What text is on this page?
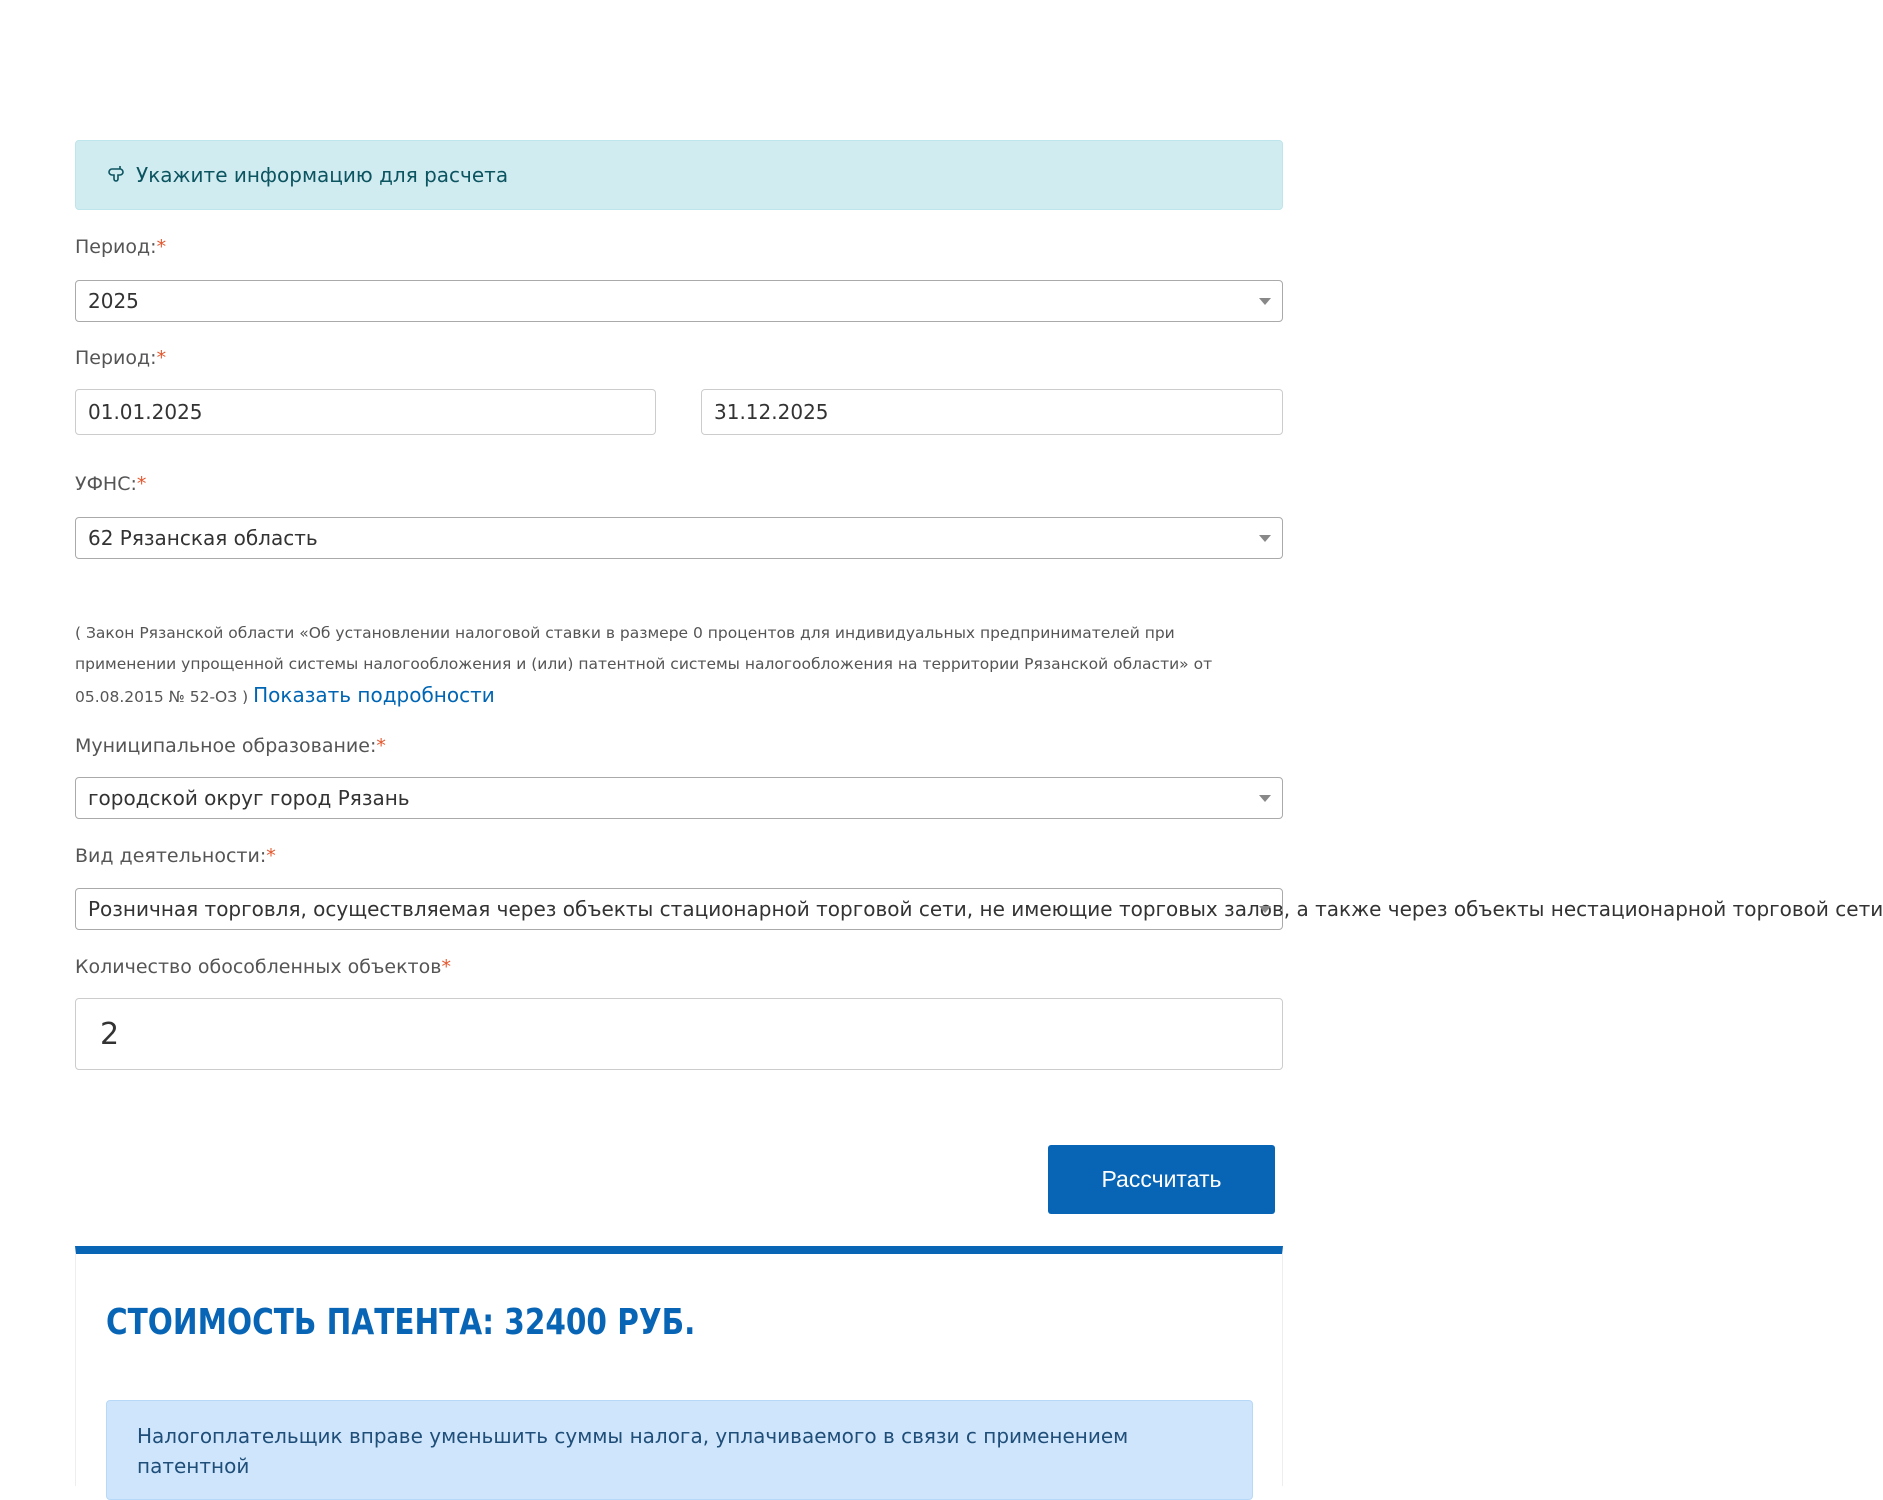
Укажите информацию для расчета
Период:*
2025
Период:*
01.01.2025	31.12.2025
УФНС:*
62 Рязанская область
( Закон Рязанской области «Об установлении налоговой ставки в размере 0 процентов для индивидуальных предпринимателей при применении упрощенной системы налогообложения и (или) патентной системы налогообложения на территории Рязанской области» от 05.08.2015 № 52-ОЗ ) Показать подробности
Муниципальное образование:*
городской округ город Рязань
Вид деятельности:*
Розничная торговля, осуществляемая через объекты стационарной торговой сети, не имеющие торговых залов, а также через объекты нестационарной торговой сети
Количество обособленных объектов*
2
Рассчитать
СТОИМОСТЬ ПАТЕНТА: 32400 РУБ.
Налогоплательщик вправе уменьшить суммы налога, уплачиваемого в связи с применением патентной
